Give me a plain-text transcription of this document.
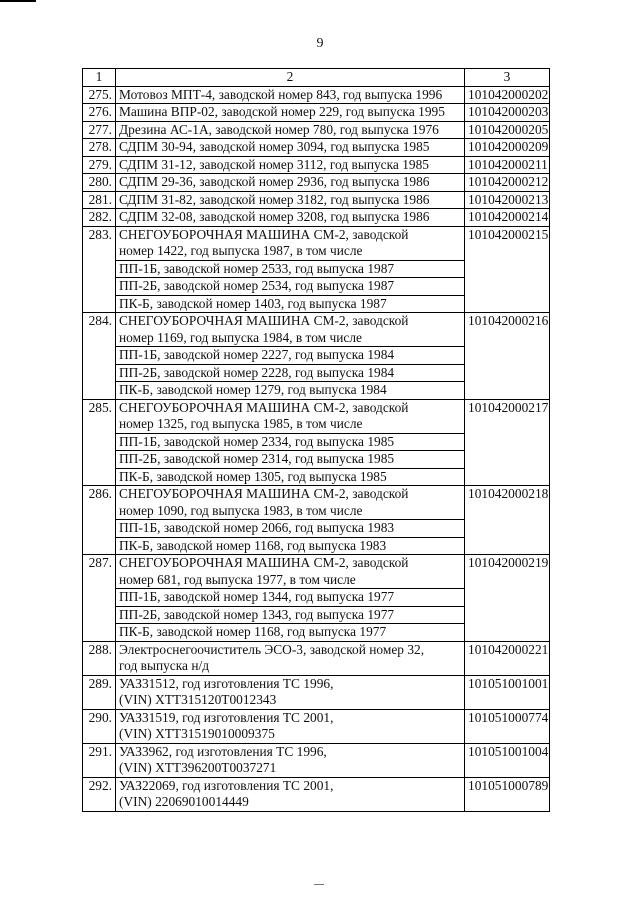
9
1	2	3
275.	Мотовоз МПТ-4, заводской номер 843, год выпуска 1996	101042000202
276.	Машина ВПР-02, заводской номер 229, год выпуска 1995	101042000203
277.	Дрезина АС-1А, заводской номер 780, год выпуска 1976	101042000205
278.	СДПМ 30-94, заводской номер 3094, год выпуска 1985	101042000209
279.	СДПМ 31-12, заводской номер 3112, год выпуска 1985	101042000211
280.	СДПМ 29-36, заводской номер 2936, год выпуска 1986	101042000212
281.	СДПМ 31-82, заводской номер 3182, год выпуска 1986	101042000213
282.	СДПМ 32-08, заводской номер 3208, год выпуска 1986	101042000214
283.	СНЕГОУБОРОЧНАЯ МАШИНА СМ-2, заводской
номер 1422, год выпуска 1987, в том числе	101042000215
	ПП-1Б, заводской номер 2533, год выпуска 1987	
	ПП-2Б, заводской номер 2534, год выпуска 1987	
	ПК-Б, заводской номер 1403, год выпуска 1987	
284.	СНЕГОУБОРОЧНАЯ МАШИНА СМ-2, заводской
номер 1169, год выпуска 1984, в том числе	101042000216
	ПП-1Б, заводской номер 2227, год выпуска 1984	
	ПП-2Б, заводской номер 2228, год выпуска 1984	
	ПК-Б, заводской номер 1279, год выпуска 1984	
285.	СНЕГОУБОРОЧНАЯ МАШИНА СМ-2, заводской
номер 1325, год выпуска 1985, в том числе	101042000217
	ПП-1Б, заводской номер 2334, год выпуска 1985	
	ПП-2Б, заводской номер 2314, год выпуска 1985	
	ПК-Б, заводской номер 1305, год выпуска 1985	
286.	СНЕГОУБОРОЧНАЯ МАШИНА СМ-2, заводской
номер 1090, год выпуска 1983, в том числе	101042000218
	ПП-1Б, заводской номер 2066, год выпуска 1983	
	ПК-Б, заводской номер 1168, год выпуска 1983	
287.	СНЕГОУБОРОЧНАЯ МАШИНА СМ-2, заводской
номер 681, год выпуска 1977, в том числе	101042000219
	ПП-1Б, заводской номер 1344, год выпуска 1977	
	ПП-2Б, заводской номер 1343, год выпуска 1977	
	ПК-Б, заводской номер 1168, год выпуска 1977	
288.	Электроснегоочиститель ЭСО-3, заводской номер 32,
год выпуска н/д	101042000221
289.	УАЗ31512, год изготовления ТС 1996,
(VIN) ХТТ315120Т0012343	101051001001
290.	УАЗ31519, год изготовления ТС 2001,
(VIN) ХТТ31519010009375	101051000774
291.	УАЗ3962, год изготовления ТС 1996,
(VIN) ХТТ396200Т0037271	101051001004
292.	УАЗ22069, год изготовления ТС 2001,
(VIN) 22069010014449	101051000789
